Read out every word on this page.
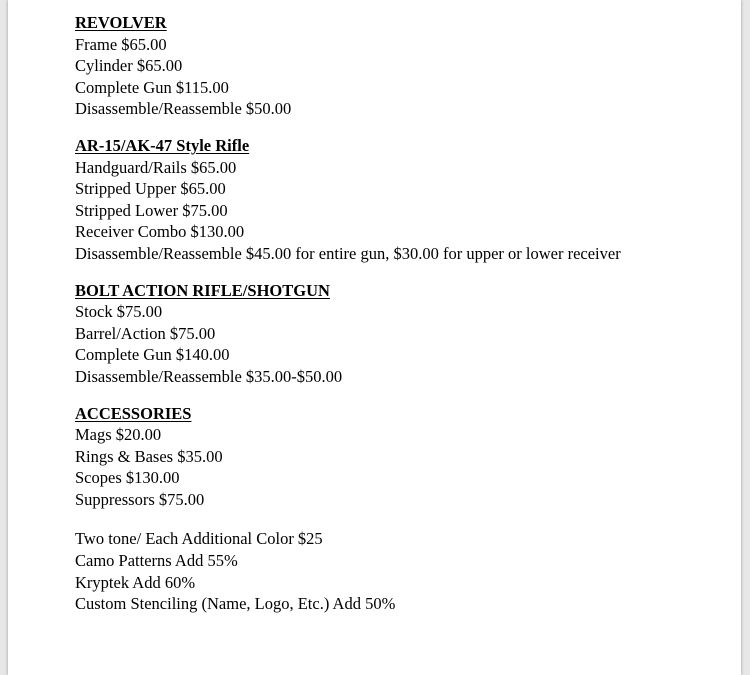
REVOLVER

Frame $65.00

Cylinder $65.00

Complete Gun $115.00

Disassemble/Reassemble $50.00

AR-15/AK-47 Style Rifle

Handguard/Rails $65.00

Stripped Upper $65.00

Stripped Lower $75.00

Receiver Combo $130.00

Disassemble/Reassemble $45.00 for entire gun, $30.00 for upper or lower receiver

BOLT ACTION RIFLE/SHOTGUN

Stock $75.00

Barrel/Action $75.00

Complete Gun $140.00

Disassemble/Reassemble $35.00-$50.00

ACCESSORIES

Mags $20.00

Rings & Bases $35.00

Scopes $130.00

Suppressors $75.00

Two tone/ Each Additional Color $25

Camo Patterns Add 55%

Kryptek Add 60%

Custom Stenciling (Name, Logo, Etc.) Add 50%
